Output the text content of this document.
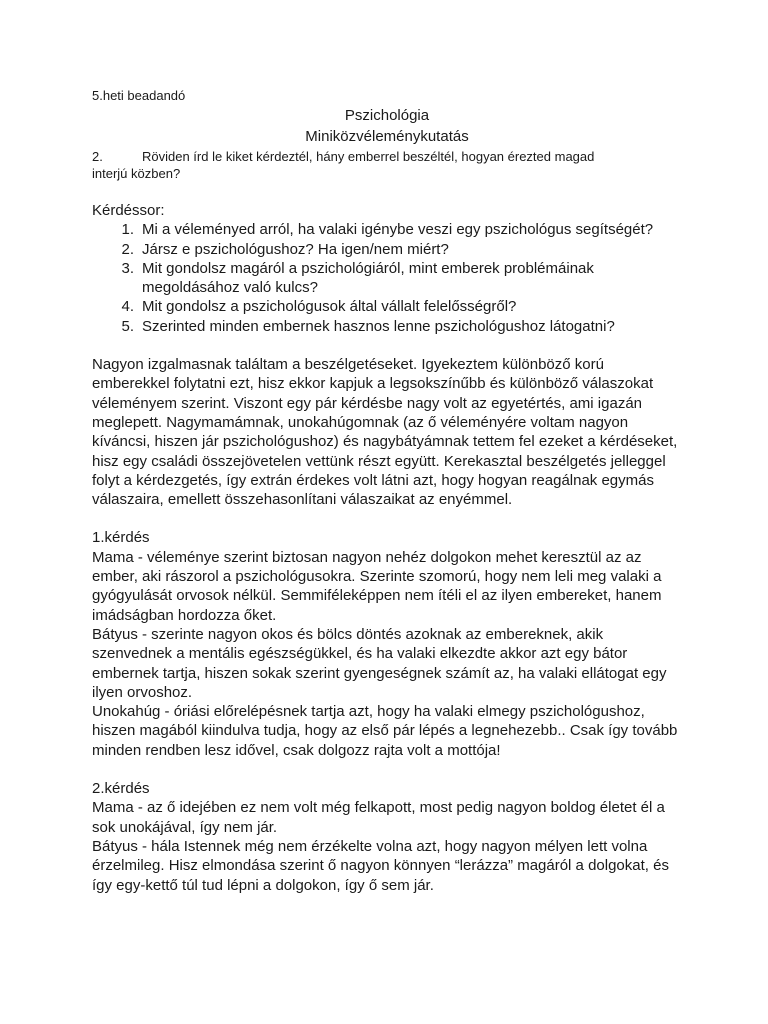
5.heti beadandó

Pszichológia

Miniközvéleménykutatás

2.	Röviden írd le kiket kérdeztél, hány emberrel beszéltél, hogyan érezted magad

interjú közben?

Kérdéssor:

1. Mi a véleményed arról, ha valaki igénybe veszi egy pszichológus segítségét?
2. Jársz e pszichológushoz? Ha igen/nem miért?
3. Mit gondolsz magáról a pszichológiáról, mint emberek problémáinak megoldásához való kulcs?
4. Mit gondolsz a pszichológusok által vállalt felelősségről?
5. Szerinted minden embernek hasznos lenne pszichológushoz látogatni?

Nagyon izgalmasnak találtam a beszélgetéseket. Igyekeztem különböző korú emberekkel folytatni ezt, hisz ekkor kapjuk a legsokszínűbb és különböző válaszokat véleményem szerint. Viszont egy pár kérdésbe nagy volt az egyetértés, ami igazán meglepett. Nagymamámnak, unokahúgomnak (az ő véleményére voltam nagyon kíváncsi, hiszen jár pszichológushoz) és nagybátyámnak tettem fel ezeket a kérdéseket, hisz egy családi összejövetelen vettünk részt együtt. Kerekasztal beszélgetés jelleggel folyt a kérdezgetés, így extrán érdekes volt látni azt, hogy hogyan reagálnak egymás válaszaira, emellett összehasonlítani válaszaikat az enyémmel.

1.kérdés

Mama - véleménye szerint biztosan nagyon nehéz dolgokon mehet keresztül az az ember, aki rászorol a pszichológusokra. Szerinte szomorú, hogy nem leli meg valaki a gyógyulását orvosok nélkül. Semmiféleképpen nem ítéli el az ilyen embereket, hanem imádságban hordozza őket.

Bátyus - szerinte nagyon okos és bölcs döntés azoknak az embereknek, akik szenvednek a mentális egészségükkel, és ha valaki elkezdte akkor azt egy bátor embernek tartja, hiszen sokak szerint gyengeségnek számít az, ha valaki ellátogat egy ilyen orvoshoz.

Unokahúg - óriási előrelépésnek tartja azt, hogy ha valaki elmegy pszichológushoz, hiszen magából kiindulva tudja, hogy az első pár lépés a legnehezebb.. Csak így tovább minden rendben lesz idővel, csak dolgozz rajta volt a mottója!

2.kérdés

Mama - az ő idejében ez nem volt még felkapott, most pedig nagyon boldog életet él a sok unokájával, így nem jár.

Bátyus - hála Istennek még nem érzékelte volna azt, hogy nagyon mélyen lett volna érzelmileg. Hisz elmondása szerint ő nagyon könnyen “lerázza” magáról a dolgokat, és így egy-kettő túl tud lépni a dolgokon, így ő sem jár.
